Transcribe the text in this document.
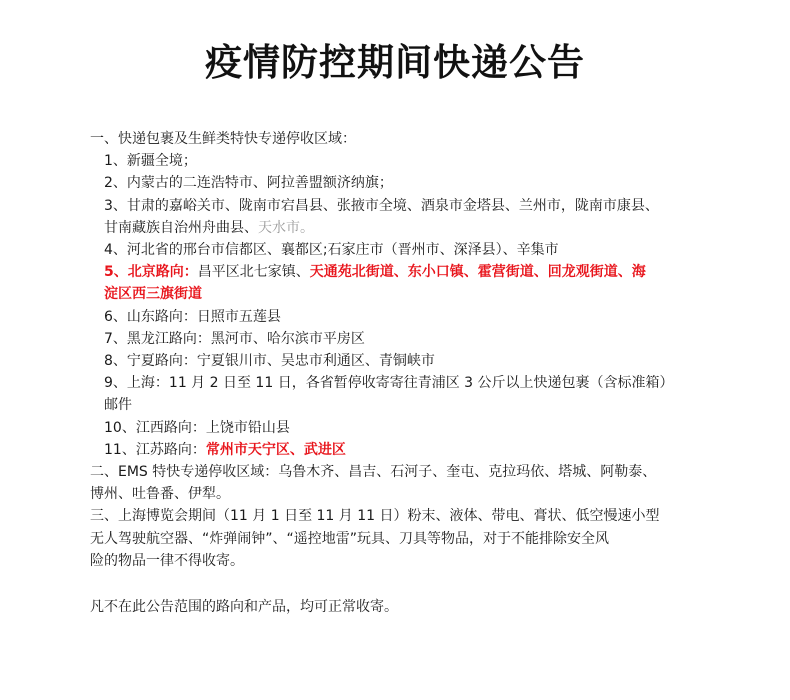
疫情防控期间快递公告
一、快递包裹及生鲜类特快专递停收区域：
1、新疆全境；
2、内蒙古的二连浩特市、阿拉善盟额济纳旗；
3、甘肃的嘉峪关市、陇南市宕昌县、张掖市全境、酒泉市金塔县、兰州市，陇南市康县、
甘南藏族自治州舟曲县、天水市。
4、河北省的邢台市信都区、襄都区;石家庄市（晋州市、深泽县）、辛集市
5、北京路向：昌平区北七家镇、天通苑北街道、东小口镇、霍营街道、回龙观街道、海
淀区西三旗街道
6、山东路向：日照市五莲县
7、黑龙江路向：黑河市、哈尔滨市平房区
8、宁夏路向：宁夏银川市、吴忠市利通区、青铜峡市
9、上海：11 月 2 日至 11 日，各省暂停收寄寄往青浦区 3 公斤以上快递包裹（含标准箱）
邮件
10、江西路向：上饶市铅山县
11、江苏路向：常州市天宁区、武进区
二、EMS 特快专递停收区域：乌鲁木齐、昌吉、石河子、奎屯、克拉玛依、塔城、阿勒泰、
博州、吐鲁番、伊犁。
三、上海博览会期间（11 月 1 日至 11 月 11 日）粉末、液体、带电、膏状、低空慢速小型
无人驾驶航空器、“炸弹闹钟”、“遥控地雷”玩具、刀具等物品，对于不能排除安全风
险的物品一律不得收寄。
凡不在此公告范围的路向和产品，均可正常收寄。
